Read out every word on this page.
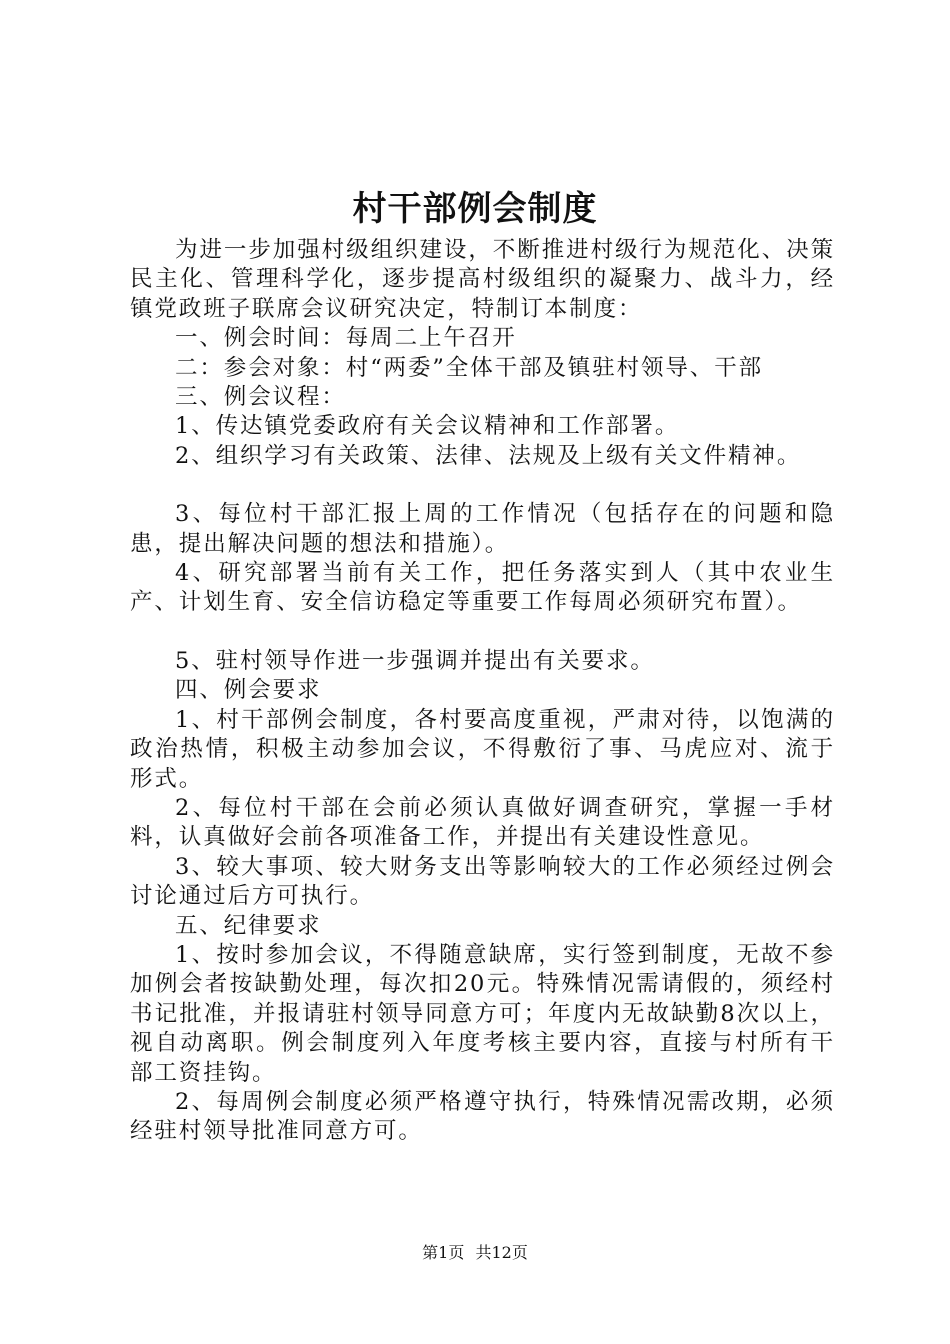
村干部例会制度

为进一步加强村级组织建设，不断推进村级行为规范化、决策民主化、管理科学化，逐步提高村级组织的凝聚力、战斗力，经镇党政班子联席会议研究决定，特制订本制度：

一、例会时间：每周二上午召开

二：参会对象：村“两委”全体干部及镇驻村领导、干部

三、例会议程：

1、传达镇党委政府有关会议精神和工作部署。

2、组织学习有关政策、法律、法规及上级有关文件精神。

3、每位村干部汇报上周的工作情况（包括存在的问题和隐患，提出解决问题的想法和措施）。

4、研究部署当前有关工作，把任务落实到人（其中农业生产、计划生育、安全信访稳定等重要工作每周必须研究布置）。

5、驻村领导作进一步强调并提出有关要求。

四、例会要求

1、村干部例会制度，各村要高度重视，严肃对待，以饱满的政治热情，积极主动参加会议，不得敷衍了事、马虎应对、流于形式。

2、每位村干部在会前必须认真做好调查研究，掌握一手材料，认真做好会前各项准备工作，并提出有关建设性意见。

3、较大事项、较大财务支出等影响较大的工作必须经过例会讨论通过后方可执行。

五、纪律要求

1、按时参加会议，不得随意缺席，实行签到制度，无故不参加例会者按缺勤处理，每次扣20元。特殊情况需请假的，须经村书记批准，并报请驻村领导同意方可；年度内无故缺勤8次以上，视自动离职。例会制度列入年度考核主要内容，直接与村所有干部工资挂钩。

2、每周例会制度必须严格遵守执行，特殊情况需改期，必须经驻村领导批准同意方可。

第1页 共12页
